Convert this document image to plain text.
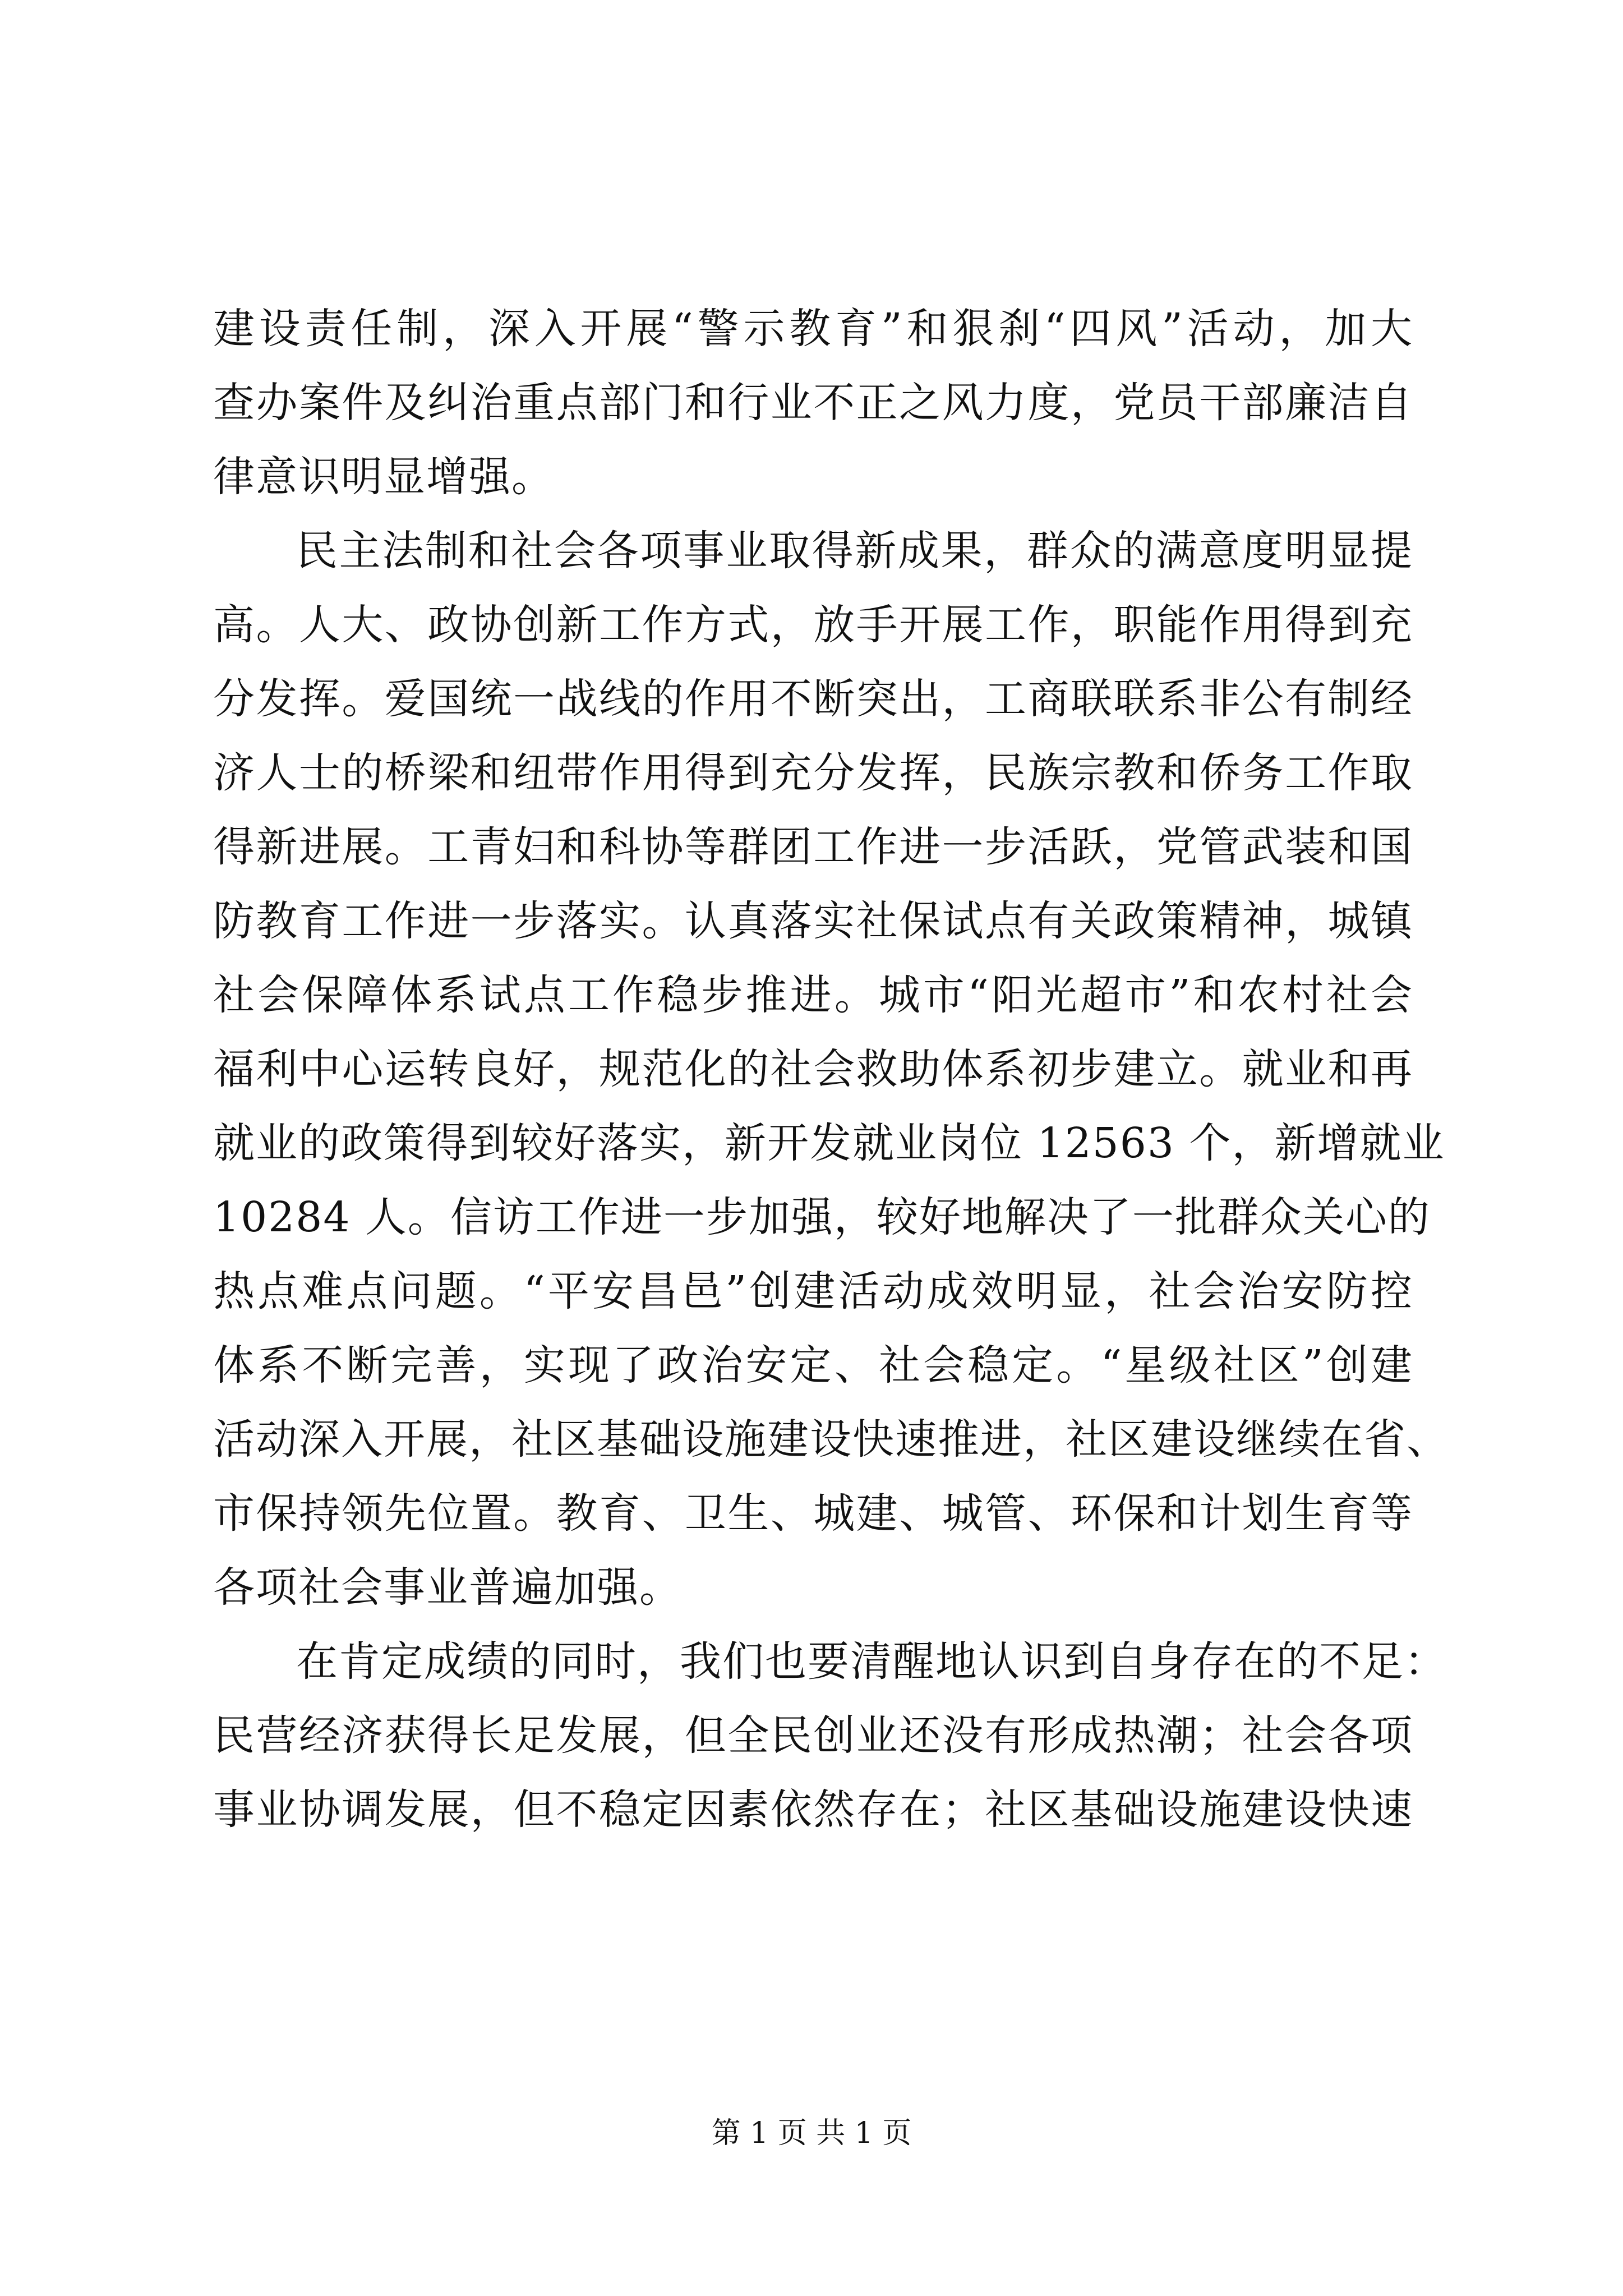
建设责任制，深入开展“警示教育”和狠刹“四风”活动，加大
查办案件及纠治重点部门和行业不正之风力度，党员干部廉洁自
律意识明显增强。
民主法制和社会各项事业取得新成果，群众的满意度明显提
高。人大、政协创新工作方式，放手开展工作，职能作用得到充
分发挥。爱国统一战线的作用不断突出，工商联联系非公有制经
济人士的桥梁和纽带作用得到充分发挥，民族宗教和侨务工作取
得新进展。工青妇和科协等群团工作进一步活跃，党管武装和国
防教育工作进一步落实。认真落实社保试点有关政策精神，城镇
社会保障体系试点工作稳步推进。城市“阳光超市”和农村社会
福利中心运转良好，规范化的社会救助体系初步建立。就业和再
就业的政策得到较好落实，新开发就业岗位 12563 个，新增就业
10284 人。信访工作进一步加强，较好地解决了一批群众关心的
热点难点问题。“平安昌邑”创建活动成效明显，社会治安防控
体系不断完善，实现了政治安定、社会稳定。“星级社区”创建
活动深入开展，社区基础设施建设快速推进，社区建设继续在省、
市保持领先位置。教育、卫生、城建、城管、环保和计划生育等
各项社会事业普遍加强。
在肯定成绩的同时，我们也要清醒地认识到自身存在的不足：
民营经济获得长足发展，但全民创业还没有形成热潮；社会各项
事业协调发展，但不稳定因素依然存在；社区基础设施建设快速
第 1 页 共 1 页
